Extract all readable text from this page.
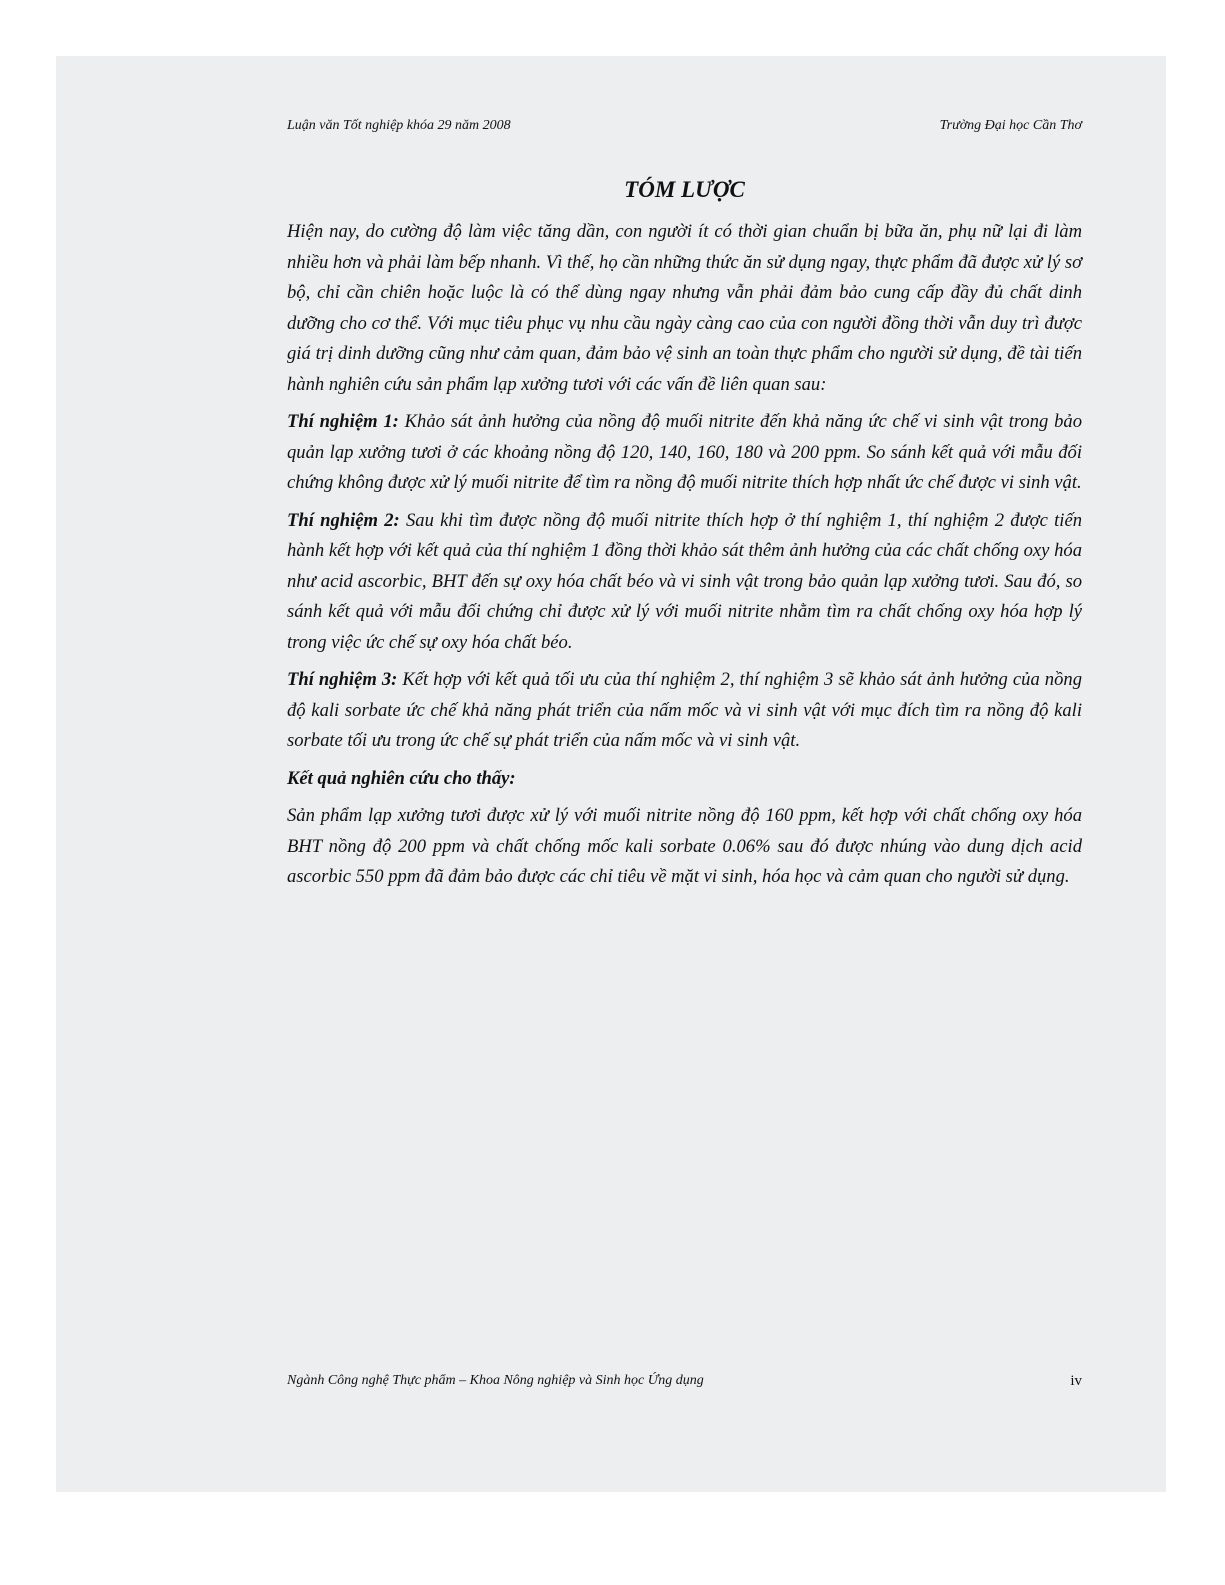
Luận văn Tốt nghiệp khóa 29 năm 2008	Trường Đại học Cần Thơ
TÓM LƯỢC

Hiện nay, do cường độ làm việc tăng dần, con người ít có thời gian chuẩn bị bữa ăn, phụ nữ lại đi làm nhiều hơn và phải làm bếp nhanh. Vì thế, họ cần những thức ăn sử dụng ngay, thực phẩm đã được xử lý sơ bộ, chỉ cần chiên hoặc luộc là có thể dùng ngay nhưng vẫn phải đảm bảo cung cấp đầy đủ chất dinh dưỡng cho cơ thể. Với mục tiêu phục vụ nhu cầu ngày càng cao của con người đồng thời vẫn duy trì được giá trị dinh dưỡng cũng như cảm quan, đảm bảo vệ sinh an toàn thực phẩm cho người sử dụng, đề tài tiến hành nghiên cứu sản phẩm lạp xưởng tươi với các vấn đề liên quan sau:

Thí nghiệm 1: Khảo sát ảnh hưởng của nồng độ muối nitrite đến khả năng ức chế vi sinh vật trong bảo quản lạp xưởng tươi ở các khoảng nồng độ 120, 140, 160, 180 và 200 ppm. So sánh kết quả với mẫu đối chứng không được xử lý muối nitrite để tìm ra nồng độ muối nitrite thích hợp nhất ức chế được vi sinh vật.

Thí nghiệm 2: Sau khi tìm được nồng độ muối nitrite thích hợp ở thí nghiệm 1, thí nghiệm 2 được tiến hành kết hợp với kết quả của thí nghiệm 1 đồng thời khảo sát thêm ảnh hưởng của các chất chống oxy hóa như acid ascorbic, BHT đến sự oxy hóa chất béo và vi sinh vật trong bảo quản lạp xưởng tươi. Sau đó, so sánh kết quả với mẫu đối chứng chỉ được xử lý với muối nitrite nhằm tìm ra chất chống oxy hóa hợp lý trong việc ức chế sự oxy hóa chất béo.

Thí nghiệm 3: Kết hợp với kết quả tối ưu của thí nghiệm 2, thí nghiệm 3 sẽ khảo sát ảnh hưởng của nồng độ kali sorbate ức chế khả năng phát triển của nấm mốc và vi sinh vật với mục đích tìm ra nồng độ kali sorbate tối ưu trong ức chế sự phát triển của nấm mốc và vi sinh vật.

Kết quả nghiên cứu cho thấy:

Sản phẩm lạp xưởng tươi được xử lý với muối nitrite nồng độ 160 ppm, kết hợp với chất chống oxy hóa BHT nồng độ 200 ppm và chất chống mốc kali sorbate 0.06% sau đó được nhúng vào dung dịch acid ascorbic 550 ppm đã đảm bảo được các chỉ tiêu về mặt vi sinh, hóa học và cảm quan cho người sử dụng.

Ngành Công nghệ Thực phẩm – Khoa Nông nghiệp và Sinh học Ứng dụng	iv
